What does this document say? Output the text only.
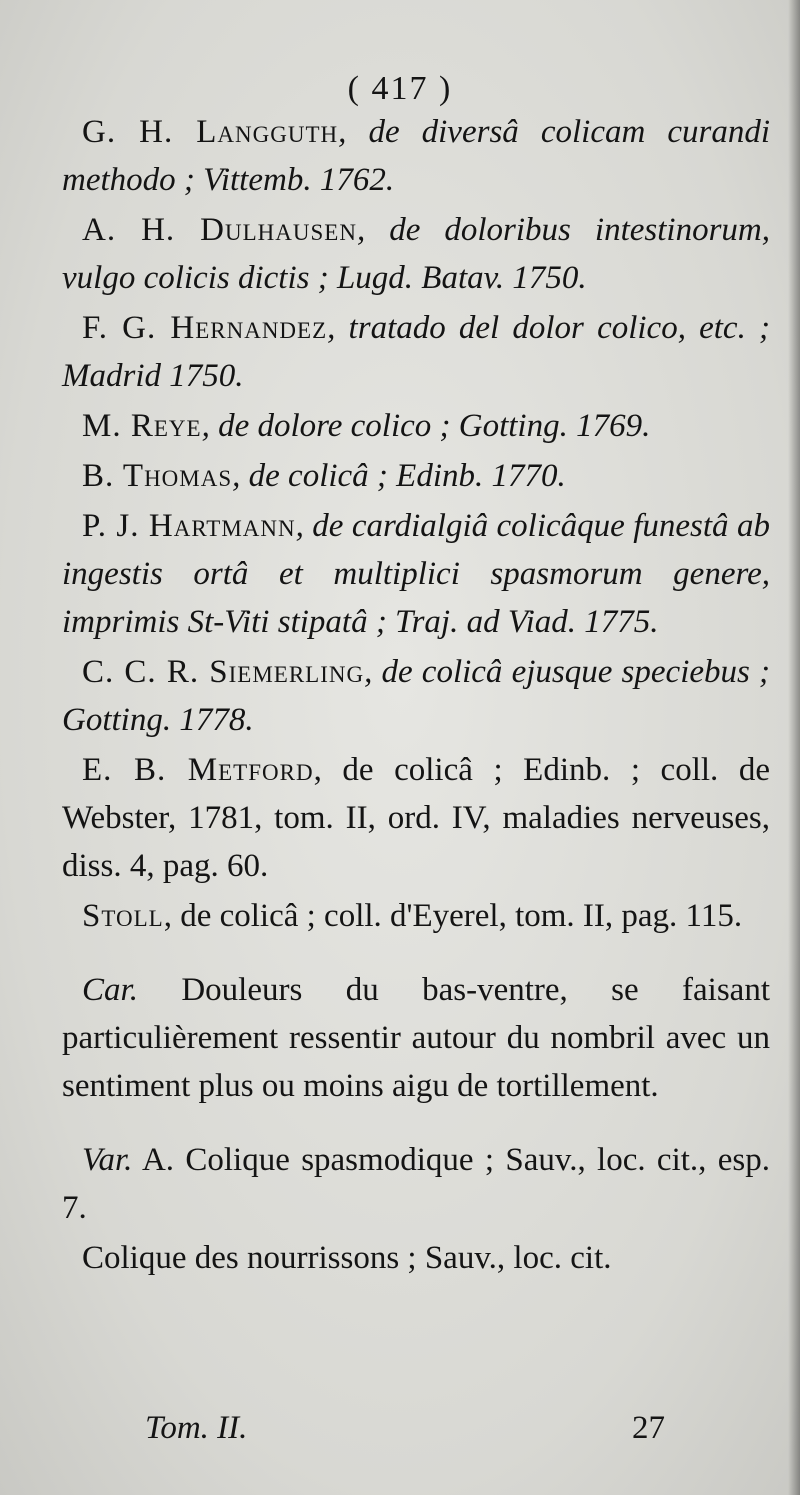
( 417 )
G. H. Langguth, de diversâ colicam curandi methodo ; Vittemb. 1762.
A. H. Dulhausen, de doloribus intestinorum, vulgo colicis dictis ; Lugd. Batav. 1750.
F. G. Hernandez, tratado del dolor colico, etc. ; Madrid 1750.
M. Reye, de dolore colico ; Gotting. 1769.
B. Thomas, de colicâ ; Edinb. 1770.
P. J. Hartmann, de cardialgiâ colicâque funestâ ab ingestis ortâ et multiplici spasmorum genere, imprimis St-Viti stipatâ ; Traj. ad Viad. 1775.
C. C. R. Siemerling, de colicâ ejusque speciebus ; Gotting. 1778.
E. B. Metford, de colicâ ; Edinb. ; coll. de Webster, 1781, tom. II, ord. IV, maladies nerveuses, diss. 4, pag. 60.
Stoll, de colicâ ; coll. d'Eyerel, tom. II, pag. 115.
Car. Douleurs du bas-ventre, se faisant particulièrement ressentir autour du nombril avec un sentiment plus ou moins aigu de tortillement.
Var. A. Colique spasmodique ; Sauv., loc. cit., esp. 7.
Colique des nourrissons ; Sauv., loc. cit.
Tom. II.	27
